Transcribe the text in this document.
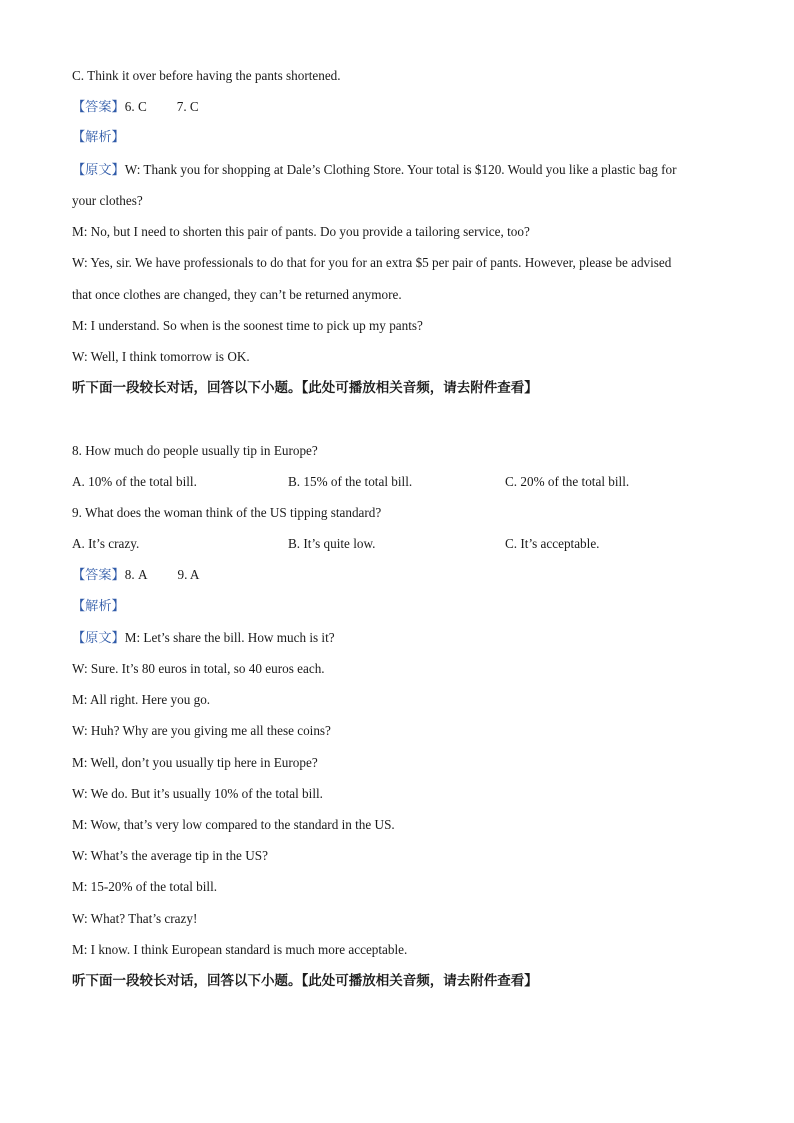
C. Think it over before having the pants shortened.
【答案】6. C 7. C
【解析】
【原文】W: Thank you for shopping at Dale’s Clothing Store. Your total is $120. Would you like a plastic bag for
your clothes?
M: No, but I need to shorten this pair of pants. Do you provide a tailoring service, too?
W: Yes, sir. We have professionals to do that for you for an extra $5 per pair of pants. However, please be advised
that once clothes are changed, they can’t be returned anymore.
M: I understand. So when is the soonest time to pick up my pants?
W: Well, I think tomorrow is OK.
听下面一段较长对话，回答以下小题。【此处可播放相关音频，请去附件查看】
8. How much do people usually tip in Europe?
A. 10% of the total bill.	B. 15% of the total bill.	C. 20% of the total bill.
9. What does the woman think of the US tipping standard?
A. It’s crazy.	B. It’s quite low.	C. It’s acceptable.
【答案】8. A 9. A
【解析】
【原文】M: Let’s share the bill. How much is it?
W: Sure. It’s 80 euros in total, so 40 euros each.
M: All right. Here you go.
W: Huh? Why are you giving me all these coins?
M: Well, don’t you usually tip here in Europe?
W: We do. But it’s usually 10% of the total bill.
M: Wow, that’s very low compared to the standard in the US.
W: What’s the average tip in the US?
M: 15-20% of the total bill.
W: What? That’s crazy!
M: I know. I think European standard is much more acceptable.
听下面一段较长对话，回答以下小题。【此处可播放相关音频，请去附件查看】
